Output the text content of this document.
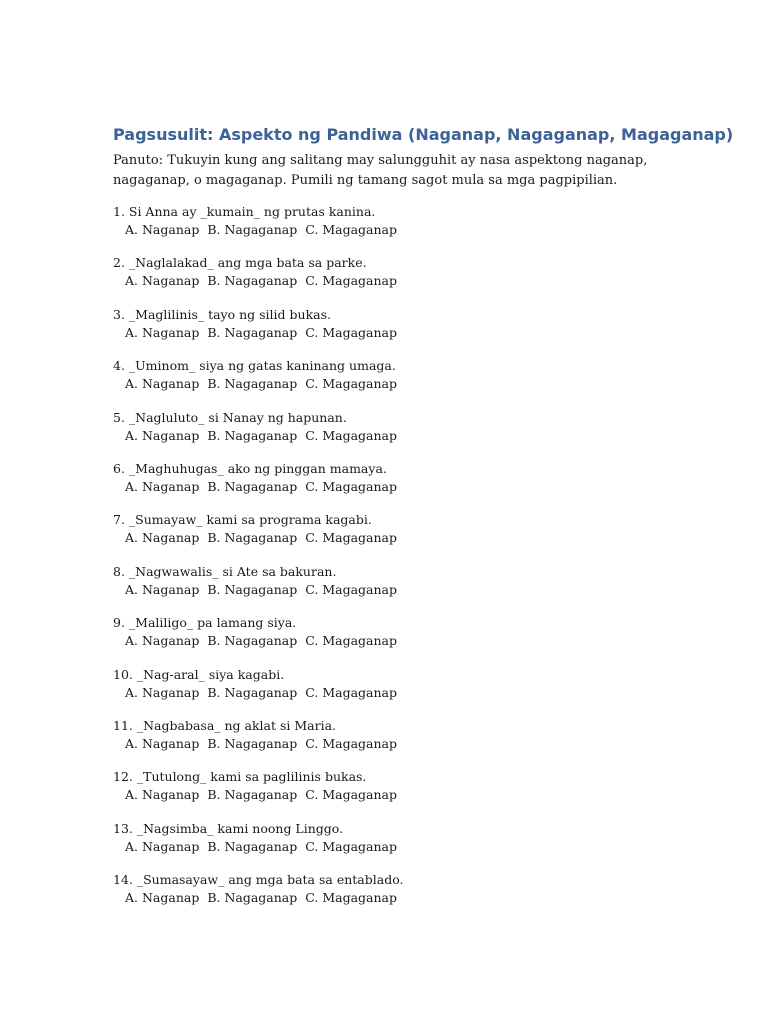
Pagsusulit: Aspekto ng Pandiwa (Naganap, Nagaganap, Magaganap)

Panuto: Tukuyin kung ang salitang may salungguhit ay nasa aspektong naganap, nagaganap, o magaganap. Pumili ng tamang sagot mula sa mga pagpipilian.

1. Si Anna ay _kumain_ ng prutas kanina.
A. Naganap B. Nagaganap C. Magaganap
2. _Naglalakad_ ang mga bata sa parke.
A. Naganap B. Nagaganap C. Magaganap
3. _Maglilinis_ tayo ng silid bukas.
A. Naganap B. Nagaganap C. Magaganap
4. _Uminom_ siya ng gatas kaninang umaga.
A. Naganap B. Nagaganap C. Magaganap
5. _Nagluluto_ si Nanay ng hapunan.
A. Naganap B. Nagaganap C. Magaganap
6. _Maghuhugas_ ako ng pinggan mamaya.
A. Naganap B. Nagaganap C. Magaganap
7. _Sumayaw_ kami sa programa kagabi.
A. Naganap B. Nagaganap C. Magaganap
8. _Nagwawalis_ si Ate sa bakuran.
A. Naganap B. Nagaganap C. Magaganap
9. _Maliligo_ pa lamang siya.
A. Naganap B. Nagaganap C. Magaganap
10. _Nag-aral_ siya kagabi.
A. Naganap B. Nagaganap C. Magaganap
11. _Nagbabasa_ ng aklat si Maria.
A. Naganap B. Nagaganap C. Magaganap
12. _Tutulong_ kami sa paglilinis bukas.
A. Naganap B. Nagaganap C. Magaganap
13. _Nagsimba_ kami noong Linggo.
A. Naganap B. Nagaganap C. Magaganap
14. _Sumasayaw_ ang mga bata sa entablado.
A. Naganap B. Nagaganap C. Magaganap
